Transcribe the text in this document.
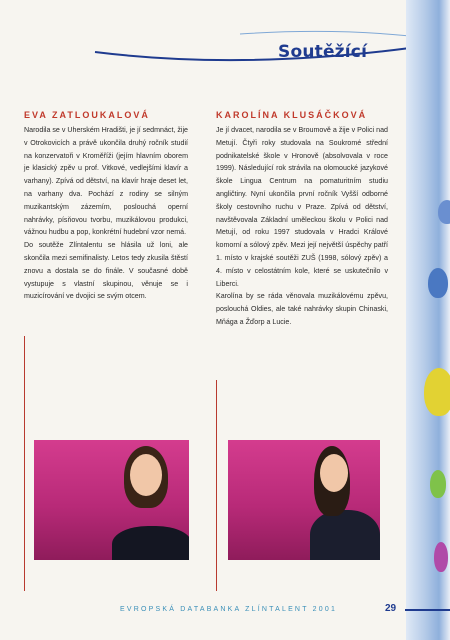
Soutěžící
EVA ZATLOUKALOVÁ

Narodila se v Uherském Hradišti, je jí sedmnáct, žije v Otrokovicích a právě ukončila druhý ročník studií na konzervatoři v Kroměříži (jejím hlavním oborem je klasický zpěv u prof. Vitkové, vedlejšími klavír a varhany). Zpívá od dětství, na klavír hraje deset let, na varhany dva. Pochází z rodiny se silným muzikantským zázemím, poslouchá operní nahrávky, písňovou tvorbu, muzikálovou produkci, vážnou hudbu a pop, konkrétní hudební vzor nemá.

Do soutěže Zlíntalentu se hlásila už loni, ale skončila mezi semifinalisty. Letos tedy zkusila štěstí znovu a dostala se do finále. V současné době vystupuje s vlastní skupinou, věnuje se i muzicírování ve dvojici se svým otcem.

KAROLÍNA KLUSÁČKOVÁ

Je jí dvacet, narodila se v Broumově a žije v Polici nad Metují. Čtyři roky studovala na Soukromé střední podnikatelské škole v Hronově (absolvovala v roce 1999). Následující rok strávila na olomoucké jazykové škole Lingua Centrum na pomaturitním studiu angličtiny. Nyní ukončila první ročník Vyšší odborné školy cestovního ruchu v Praze. Zpívá od dětství, navštěvovala Základní uměleckou školu v Polici nad Metují, od roku 1997 studovala v Hradci Králové komorní a sólový zpěv. Mezi její největší úspěchy patří 1. místo v krajské soutěži ZUŠ (1998, sólový zpěv) a 4. místo v celostátním kole, které se uskutečnilo v Liberci.

Karolína by se ráda věnovala muzikálovému zpěvu, poslouchá Oldies, ale také nahrávky skupin Chinaski, Mňága a Žďorp a Lucie.

EVROPSKÁ DATABANKA ZLÍNTALENT 2001	29
